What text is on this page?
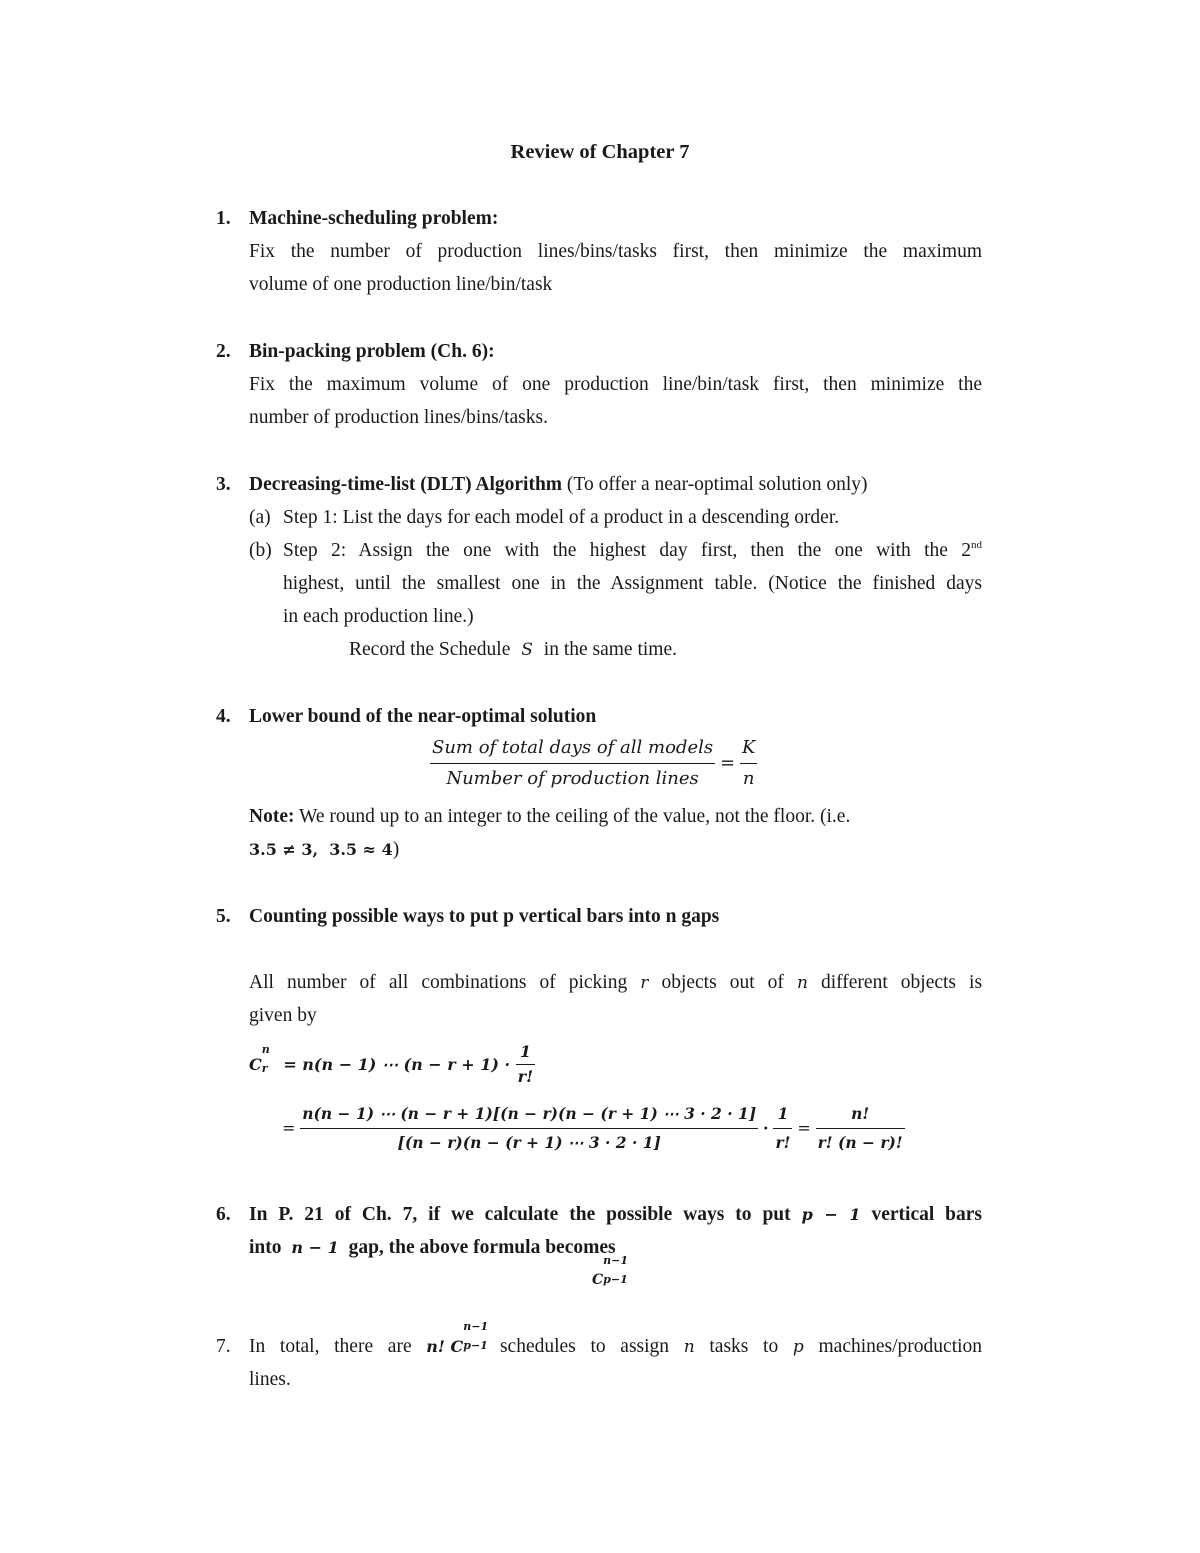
Review of Chapter 7
1. Machine-scheduling problem:
Fix the number of production lines/bins/tasks first, then minimize the maximum
volume of one production line/bin/task
2. Bin-packing problem (Ch. 6):
Fix the maximum volume of one production line/bin/task first, then minimize the
number of production lines/bins/tasks.
3. Decreasing-time-list (DLT) Algorithm (To offer a near-optimal solution only)
(a) Step 1: List the days for each model of a product in a descending order.
(b) Step 2: Assign the one with the highest day first, then the one with the 2nd
highest, until the smallest one in the Assignment table. (Notice the finished days
in each production line.)
Record the Schedule S in the same time.
4. Lower bound of the near-optimal solution
$\frac{\text{Sum of total days of all models}}{\text{Number of production lines}} = \frac{K}{n}$
Note: We round up to an integer to the ceiling of the value, not the floor. (i.e.
3.5 ≠ 3,  3.5 ≈ 4)
5. Counting possible ways to put p vertical bars into n gaps
All number of all combinations of picking r objects out of n different objects is
given by
C
n
r = n(n − 1) ⋯ $(n - r + 1) \cdot \frac{1}{r!}$
= $\frac{n(n - 1) \cdots (n - r + 1)[(n - r)(n - (r + 1) \cdots 3 \cdot 2 \cdot 1]}{[(n - r)(n - (r + 1) \cdots 3 \cdot 2 \cdot 1]} \cdot \frac{1}{r!} = \frac{n!}{r! (n - r)!}$
6. In P. 21 of Ch. 7, if we calculate the possible ways to put p − 1 vertical bars
into n − 1 gap, the above formula becomes
C
n−1
p−1
7. In total, there are n! C
n−1
p−1 schedules to assign n tasks to p machines/production
lines.
